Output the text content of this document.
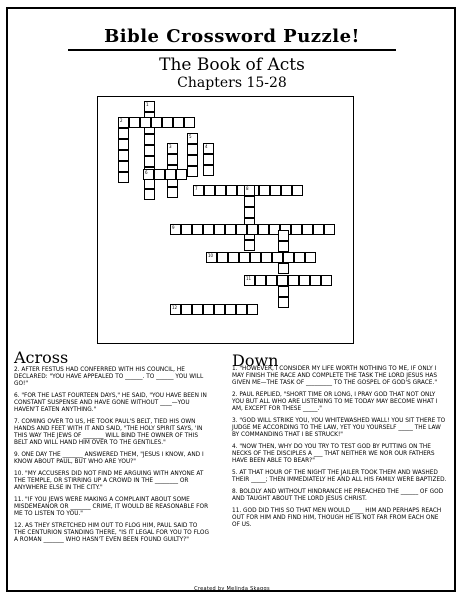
Bible Crossword Puzzle!
The Book of Acts
Chapters 15-28
1
2
3	4
5
6
7	8
9
10
11
12
Across
2. AFTER FESTUS HAD CONFERRED WITH HIS COUNCIL, HE DECLARED: "YOU HAVE APPEALED TO ______. TO ______ YOU WILL GO!"
6. "FOR THE LAST FOURTEEN DAYS," HE SAID, "YOU HAVE BEEN IN CONSTANT SUSPENSE AND HAVE GONE WITHOUT ____—YOU HAVEN'T EATEN ANYTHING."
7. COMING OVER TO US, HE TOOK PAUL'S BELT, TIED HIS OWN HANDS AND FEET WITH IT AND SAID, "THE HOLY SPIRIT SAYS, 'IN THIS WAY THE JEWS OF _______ WILL BIND THE OWNER OF THIS BELT AND WILL HAND HIM OVER TO THE GENTILES."
9. ONE DAY THE _______ ANSWERED THEM, "JESUS I KNOW, AND I KNOW ABOUT PAUL, BUT WHO ARE YOU?"
10. "MY ACCUSERS DID NOT FIND ME ARGUING WITH ANYONE AT THE TEMPLE, OR STIRRING UP A CROWD IN THE ________ OR ANYWHERE ELSE IN THE CITY."
11. "IF YOU JEWS WERE MAKING A COMPLAINT ABOUT SOME MISDEMEANOR OR _______ CRIME, IT WOULD BE REASONABLE FOR ME TO LISTEN TO YOU."
12. AS THEY STRETCHED HIM OUT TO FLOG HIM, PAUL SAID TO THE CENTURION STANDING THERE, "IS IT LEGAL FOR YOU TO FLOG A ROMAN _______ WHO HASN'T EVEN BEEN FOUND GUILTY?"
Down
1. "HOWEVER, I CONSIDER MY LIFE WORTH NOTHING TO ME, IF ONLY I MAY FINISH THE RACE AND COMPLETE THE TASK THE LORD JESUS HAS GIVEN ME—THE TASK OF _________ TO THE GOSPEL OF GOD'S GRACE."
2. PAUL REPLIED, "SHORT TIME OR LONG, I PRAY GOD THAT NOT ONLY YOU BUT ALL WHO ARE LISTENING TO ME TODAY MAY BECOME WHAT I AM, EXCEPT FOR THESE _____."
3. "GOD WILL STRIKE YOU, YOU WHITEWASHED WALL! YOU SIT THERE TO JUDGE ME ACCORDING TO THE LAW, YET YOU YOURSELF _____ THE LAW BY COMMANDING THAT I BE STRUCK!"
4. "NOW THEN, WHY DO YOU TRY TO TEST GOD BY PUTTING ON THE NECKS OF THE DISCIPLES A ___ THAT NEITHER WE NOR OUR FATHERS HAVE BEEN ABLE TO BEAR?"
5. AT THAT HOUR OF THE NIGHT THE JAILER TOOK THEM AND WASHED THEIR _____; THEN IMMEDIATELY HE AND ALL HIS FAMILY WERE BAPTIZED.
8. BOLDLY AND WITHOUT HINDRANCE HE PREACHED THE ______ OF GOD AND TAUGHT ABOUT THE LORD JESUS CHRIST.
11. GOD DID THIS SO THAT MEN WOULD ____ HIM AND PERHAPS REACH OUT FOR HIM AND FIND HIM, THOUGH HE IS NOT FAR FROM EACH ONE OF US.
Created by Melinda Skaggs
